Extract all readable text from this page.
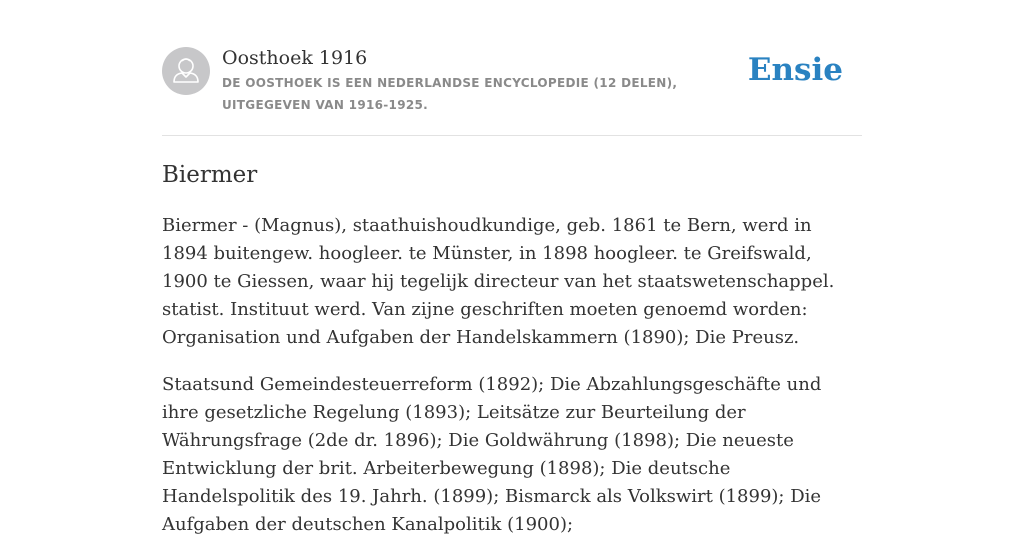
Oosthoek 1916
DE OOSTHOEK IS EEN NEDERLANDSE ENCYCLOPEDIE (12 DELEN), UITGEGEVEN VAN 1916-1925.
Ensie
Biermer

Biermer - (Magnus), staathuishoudkundige, geb. 1861 te Bern, werd in 1894 buitengew. hoogleer. te Münster, in 1898 hoogleer. te Greifswald, 1900 te Giessen, waar hij tegelijk directeur van het staatswetenschappel. statist. Instituut werd. Van zijne geschriften moeten genoemd worden: Organisation und Aufgaben der Handelskammern (1890); Die Preusz.

Staatsund Gemeindesteuerreform (1892); Die Abzahlungsgeschäfte und ihre gesetzliche Regelung (1893); Leitsätze zur Beurteilung der Währungsfrage (2de dr. 1896); Die Goldwährung (1898); Die neueste Entwicklung der brit. Arbeiterbewegung (1898); Die deutsche Handelspolitik des 19. Jahrh. (1899); Bismarck als Volkswirt (1899); Die Aufgaben der deutschen Kanalpolitik (1900);
